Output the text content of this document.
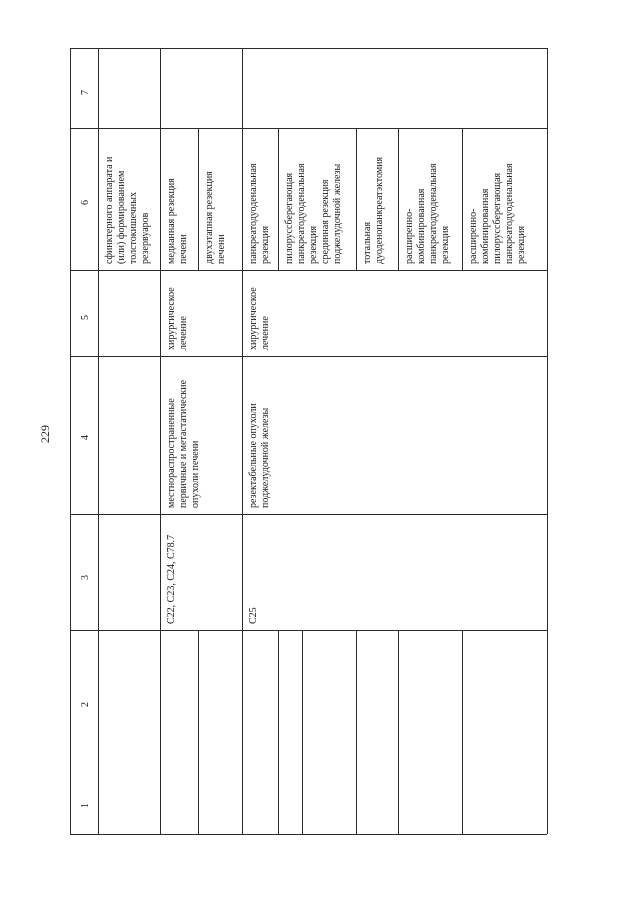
229
1
2
3
4
5
6
7
сфинктерного аппарата и (или) формированием толстокишечных резервуаров
C22, C23, C24, C78.7
местнораспространенные первичные и метастатические опухоли печени
хирургическое лечение
медианная резекция печени двухэтапная резекция печени
C25
резектабельные опухоли поджелудочной железы
хирургическое лечение
панкреатодуоденальная резекция пилоруссберегающая панкреатодуоденальная резекция срединная резекция поджелудочной железы тотальная дуоденопанкреатэктомия расширенно- комбинированная панкреатодуоденальная резекция расширенно- комбинированная пилоруссберегающая панкреатодуоденальная резекция
